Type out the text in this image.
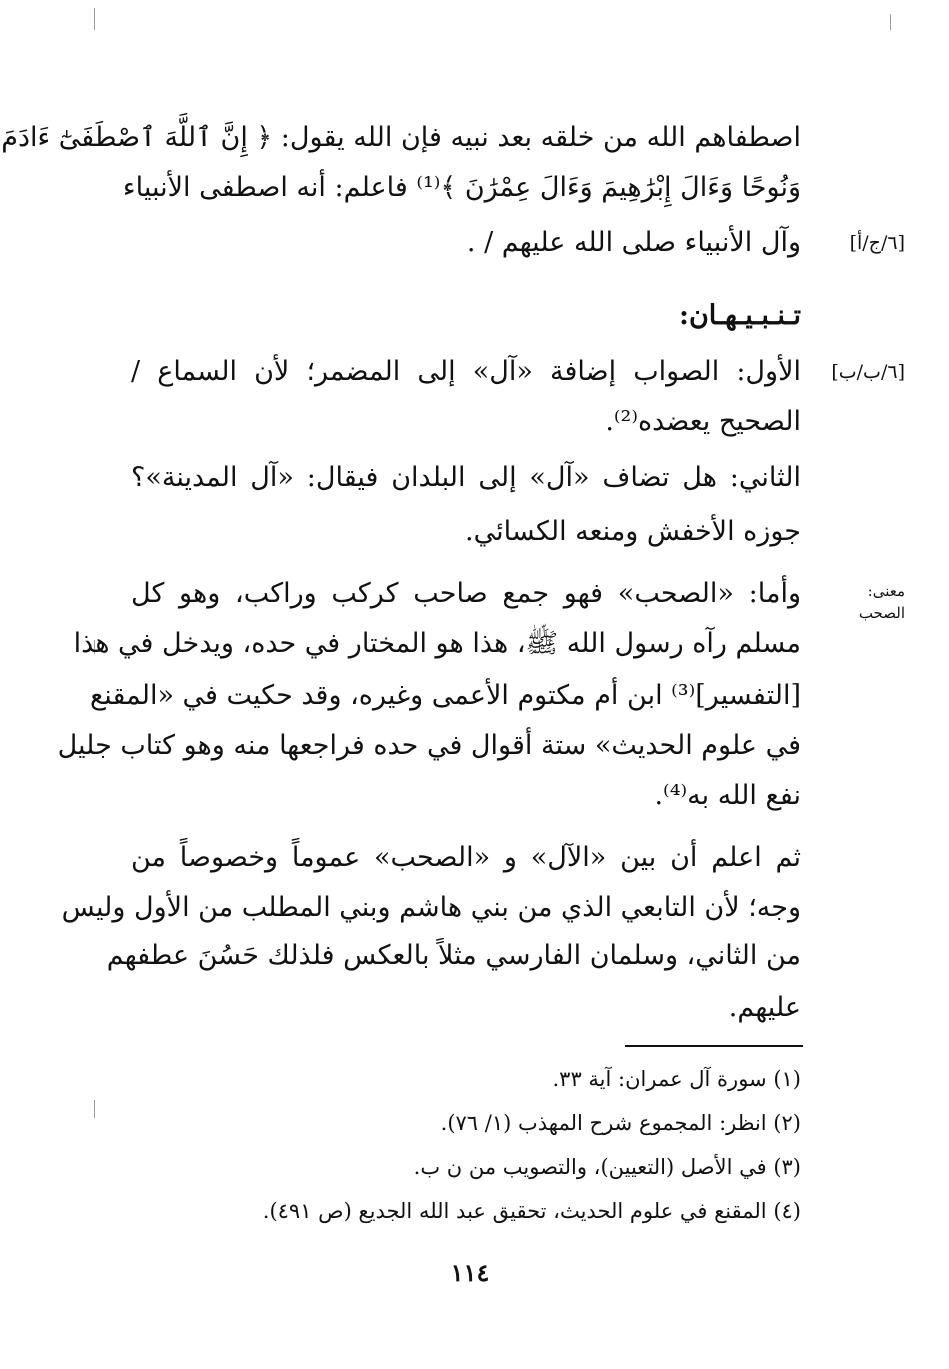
اصطفاهم الله من خلقه بعد نبيه فإن الله يقول: ﴿ إِنَّ ٱللَّهَ ٱصْطَفَىٰٓ ءَادَمَ
وَنُوحًا وَءَالَ إِبْرَٰهِيمَ وَءَالَ عِمْرَٰنَ ﴾⁽¹⁾ فاعلم: أنه اصطفى الأنبياء
وآل الأنبياء صلى الله عليهم / .
تـنـبـيـهـان:
الأول: الصواب إضافة «آل» إلى المضمر؛ لأن السماع /
الصحيح يعضده⁽²⁾.
الثاني: هل تضاف «آل» إلى البلدان فيقال: «آل المدينة»؟
جوزه الأخفش ومنعه الكسائي.
وأما: «الصحب» فهو جمع صاحب كركب وراكب، وهو كل
مسلم رآه رسول الله ﷺ، هذا هو المختار في حده، ويدخل في هذا
[التفسير]⁽³⁾ ابن أم مكتوم الأعمى وغيره، وقد حكيت في «المقنع
في علوم الحديث» ستة أقوال في حده فراجعها منه وهو كتاب جليل
نفع الله به⁽⁴⁾.
ثم اعلم أن بين «الآل» و «الصحب» عموماً وخصوصاً من
وجه؛ لأن التابعي الذي من بني هاشم وبني المطلب من الأول وليس
من الثاني، وسلمان الفارسي مثلاً بالعكس فلذلك حَسُنَ عطفهم
عليهم.
[٦/ج/أ]
[٦/ب/ب]
معنى:
الصحب
(١) سورة آل عمران: آية ٣٣.
(٢) انظر: المجموع شرح المهذب (١/ ٧٦).
(٣) في الأصل (التعيين)، والتصويب من ن ب.
(٤) المقنع في علوم الحديث، تحقيق عبد الله الجديع (ص ٤٩١).
١١٤
